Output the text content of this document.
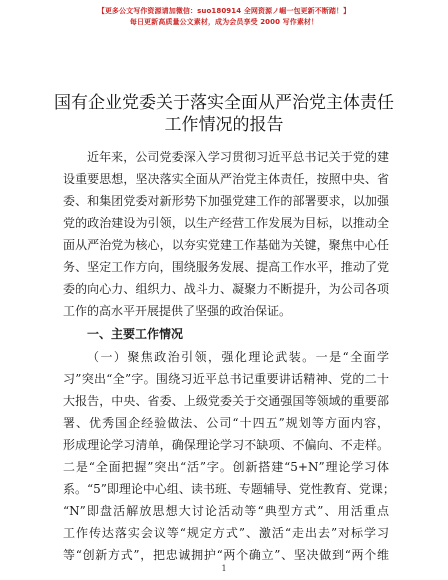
【更多公文写作资源请加微信：suo180914 全网资源ノ崛一包更新不断踏！】
每日更新高质量公文素材，成为会员享受 2000 写作素材！
国有企业党委关于落实全面从严治党主体责任
工作情况的报告
近年来，公司党委深入学习贯彻习近平总书记关于党的建
设重要思想，坚决落实全面从严治党主体责任，按照中央、省
委、和集团党委对新形势下加强党建工作的部署要求，以加强
党的政治建设为引领，以生产经营工作发展为目标，以推动全
面从严治党为核心，以夯实党建工作基础为关键，聚焦中心任
务、坚定工作方向，围绕服务发展、提高工作水平，推动了党
委的向心力、组织力、战斗力、凝聚力不断提升，为公司各项
工作的高水平开展提供了坚强的政治保证。
一、主要工作情况
（一）聚焦政治引领，强化理论武装。一是“全面学
习”突出“全”字。围绕习近平总书记重要讲话精神、党的二十
大报告，中央、省委、上级党委关于交通强国等领域的重要部
署、优秀国企经验做法、公司“十四五”规划等方面内容，
形成理论学习清单，确保理论学习不缺项、不偏向、不走样。
二是“全面把握”突出“活”字。创新搭建“5+N”理论学习体
系。“5”即理论中心组、读书班、专题辅导、党性教育、党课；
“N”即盘活解放思想大讨论活动等“典型方式”、用活重点
工作传达落实会议等“规定方式”、激活“走出去”对标学习
等“创新方式”，把忠诚拥护“两个确立”、坚决做到“两个维
1
